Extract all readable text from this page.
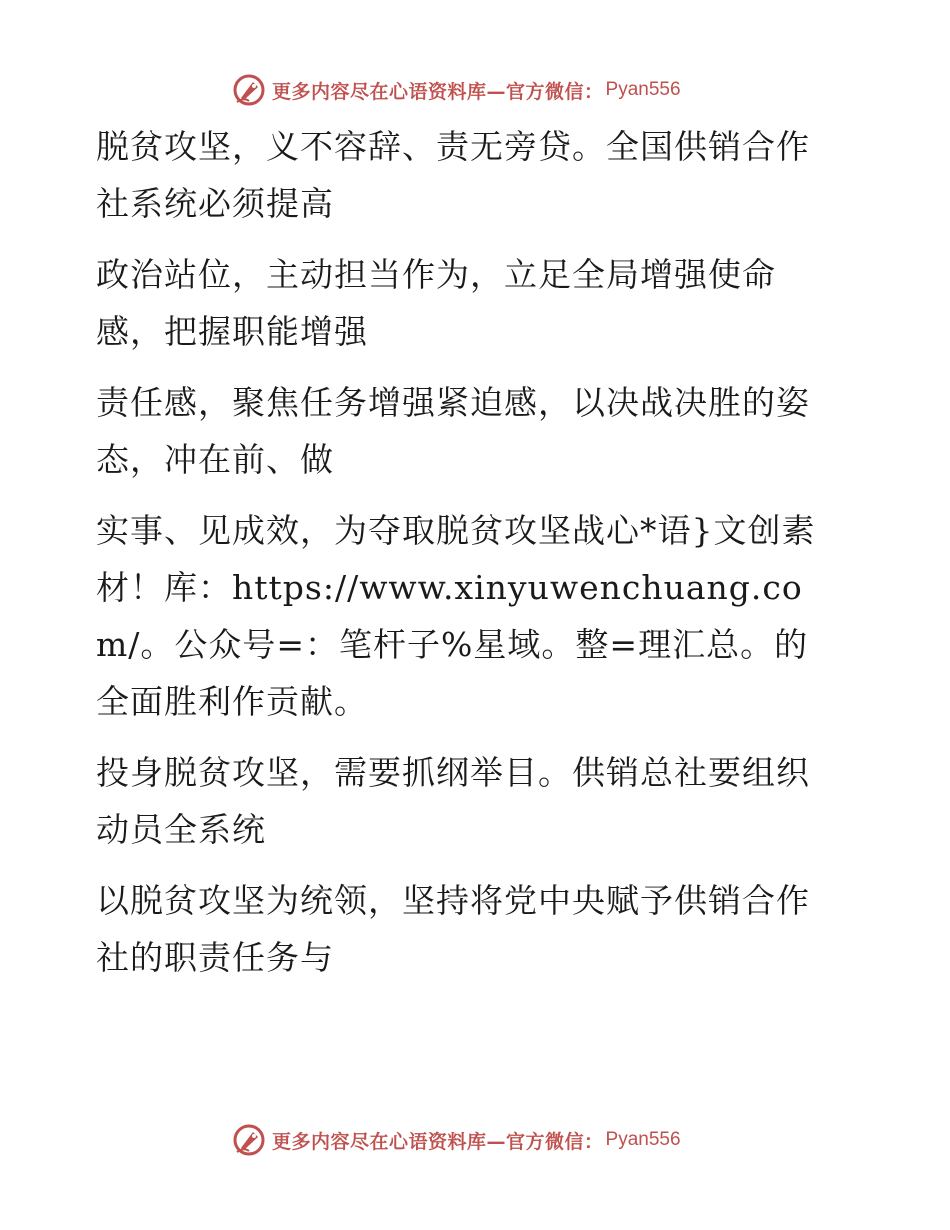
更多内容尽在心语资料库—官方微信： Pyan556

脱贫攻坚，义不容辞、责无旁贷。全国供销合作社系统必须提高

政治站位，主动担当作为，立足全局增强使命感，把握职能增强

责任感，聚焦任务增强紧迫感，以决战决胜的姿态，冲在前、做

实事、见成效，为夺取脱贫攻坚战心*语}文创素材！库：https://www.xinyuwenchuang.com/。公众号=：笔杆子%星域。整=理汇总。的全面胜利作贡献。

投身脱贫攻坚，需要抓纲举目。供销总社要组织动员全系统

以脱贫攻坚为统领，坚持将党中央赋予供销合作社的职责任务与

更多内容尽在心语资料库—官方微信： Pyan556
